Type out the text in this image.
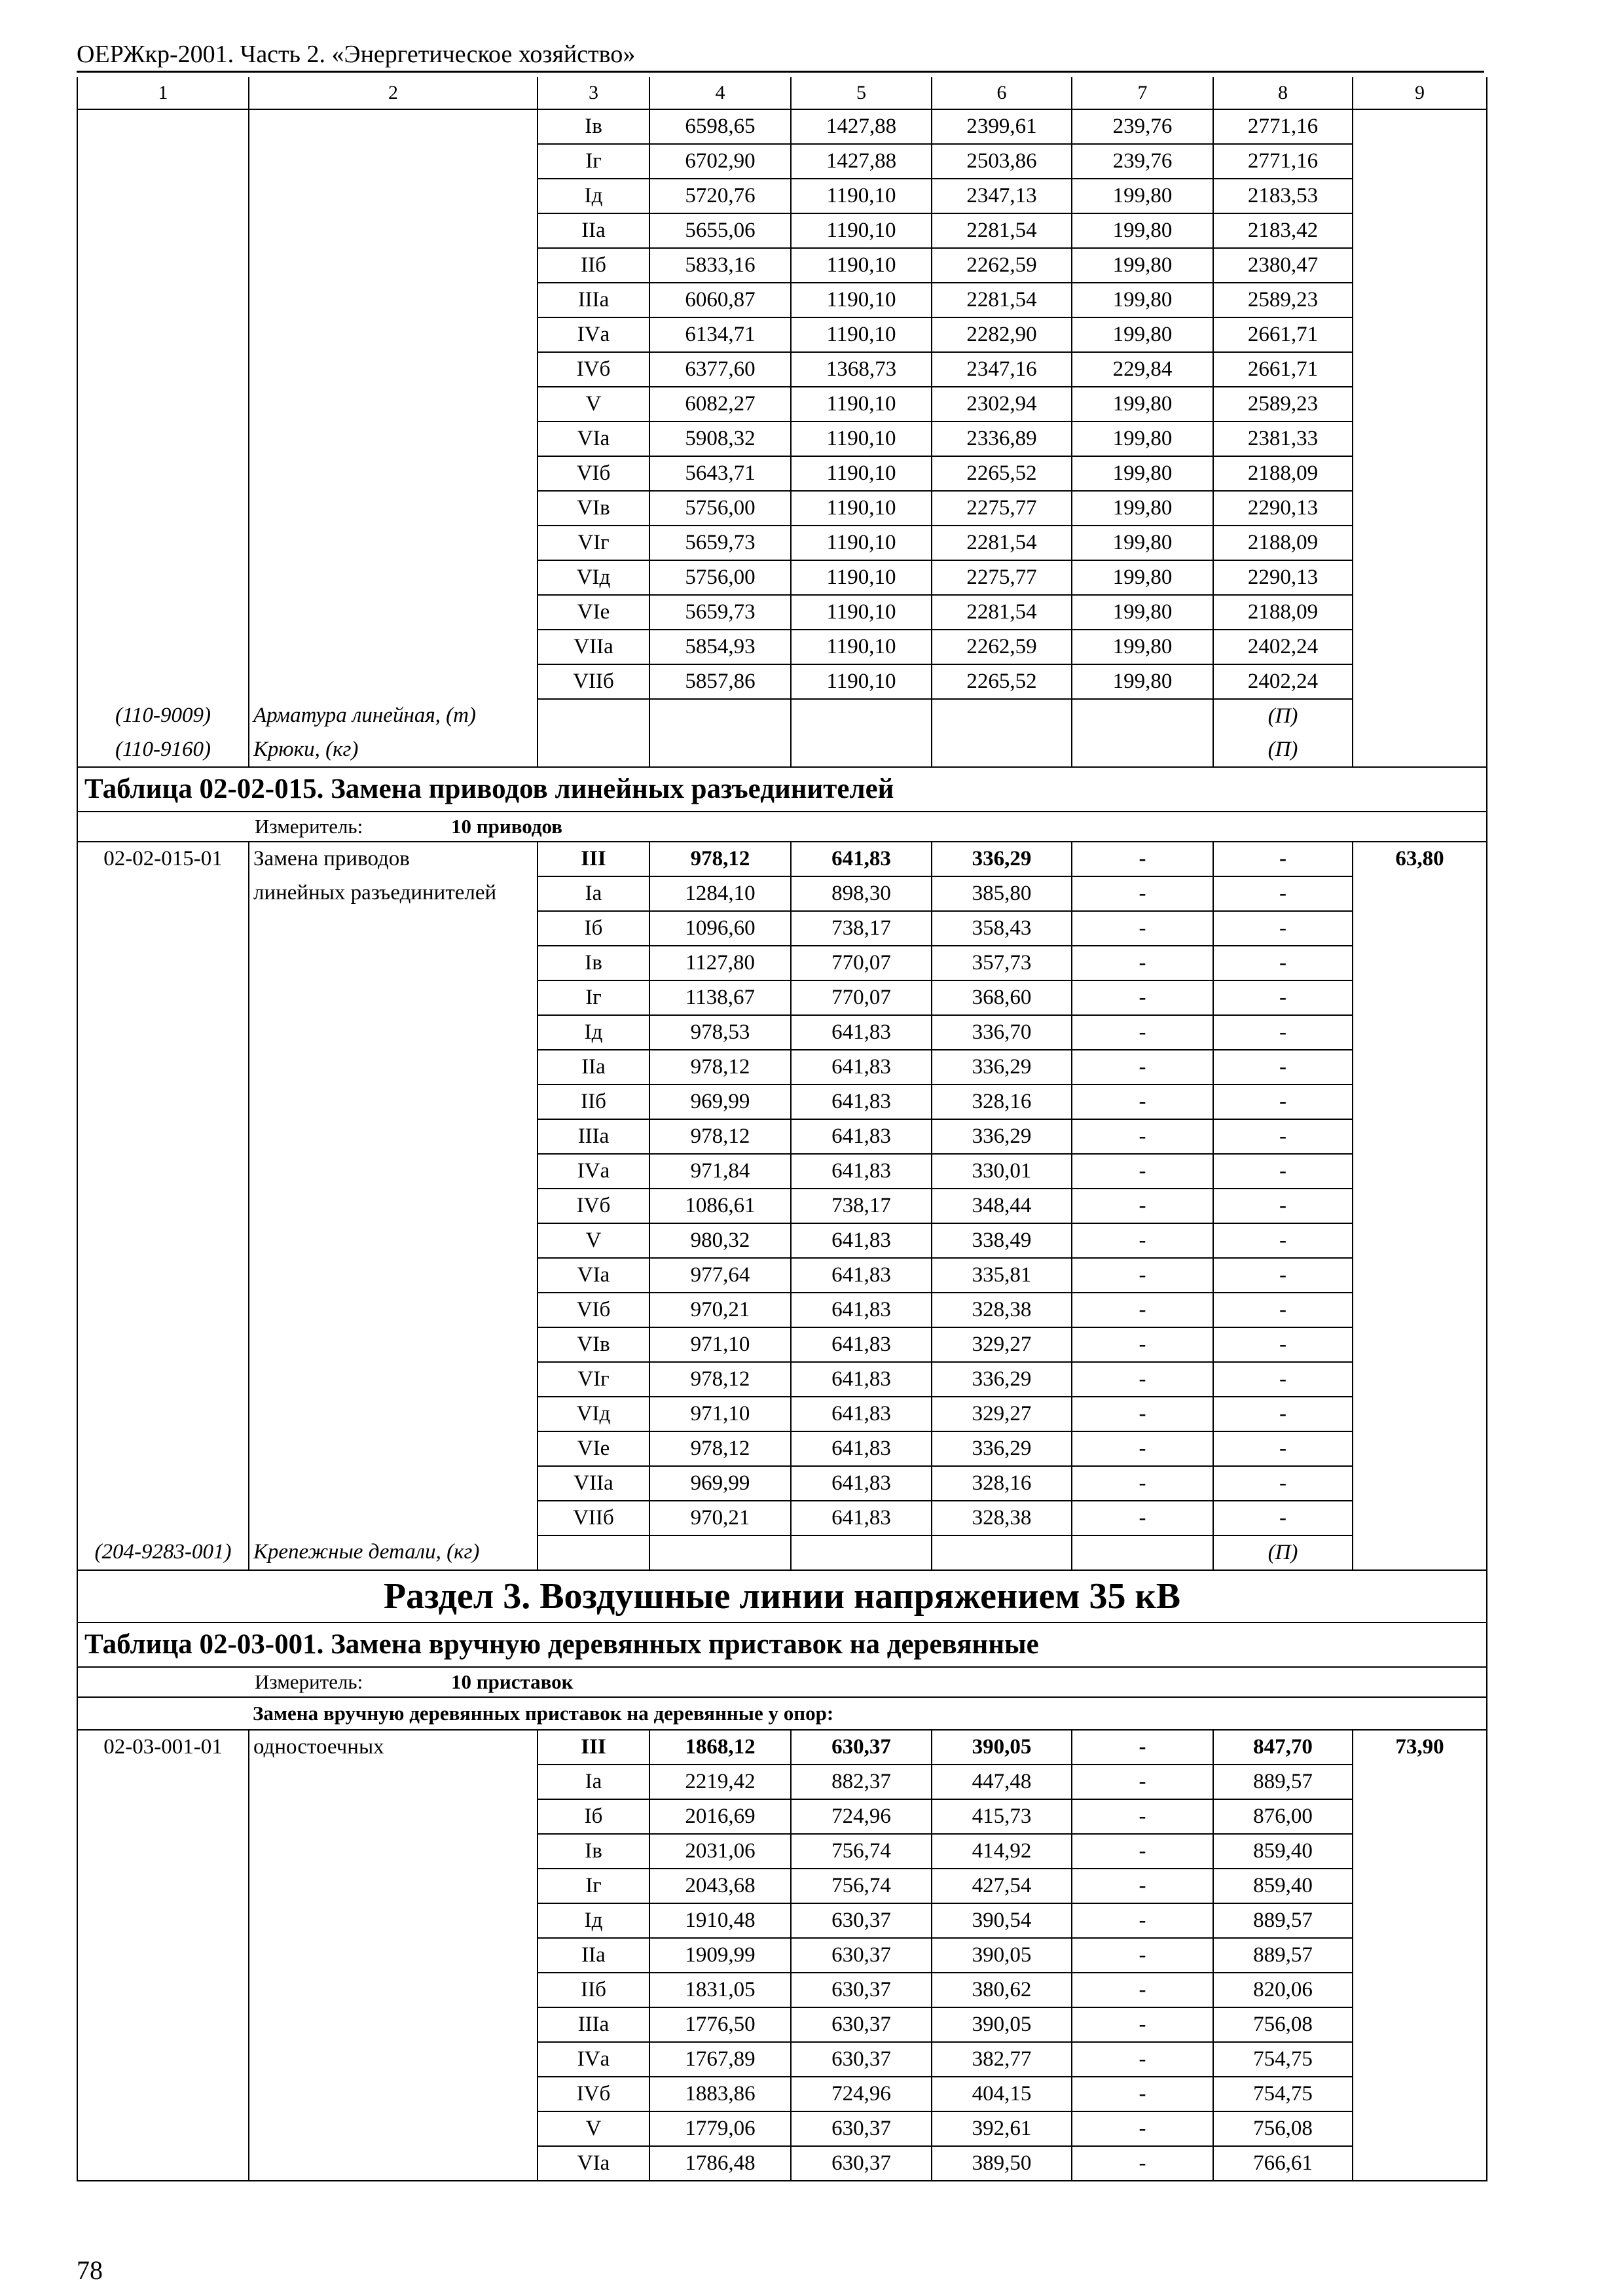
ОЕРЖкр-2001. Часть 2. «Энергетическое хозяйство»
1	2	3	4	5	6	7	8	9
		Iв	6598,65	1427,88	2399,61	239,76	2771,16	
		Iг	6702,90	1427,88	2503,86	239,76	2771,16	
		Iд	5720,76	1190,10	2347,13	199,80	2183,53	
		IIа	5655,06	1190,10	2281,54	199,80	2183,42	
		IIб	5833,16	1190,10	2262,59	199,80	2380,47	
		IIIа	6060,87	1190,10	2281,54	199,80	2589,23	
		IVа	6134,71	1190,10	2282,90	199,80	2661,71	
		IVб	6377,60	1368,73	2347,16	229,84	2661,71	
		V	6082,27	1190,10	2302,94	199,80	2589,23	
		VIа	5908,32	1190,10	2336,89	199,80	2381,33	
		VIб	5643,71	1190,10	2265,52	199,80	2188,09	
		VIв	5756,00	1190,10	2275,77	199,80	2290,13	
		VIг	5659,73	1190,10	2281,54	199,80	2188,09	
		VIд	5756,00	1190,10	2275,77	199,80	2290,13	
		VIе	5659,73	1190,10	2281,54	199,80	2188,09	
		VIIа	5854,93	1190,10	2262,59	199,80	2402,24	
		VIIб	5857,86	1190,10	2265,52	199,80	2402,24	
(110-9009)	Арматура линейная, (т)						(П)	
(110-9160)	Крюки, (кг)						(П)	
Таблица 02-02-015. Замена приводов линейных разъединителей								
Измеритель: 10 приводов								
02-02-015-01	Замена приводов	III	978,12	641,83	336,29	-	-	63,80
	линейных разъединителей	Iа	1284,10	898,30	385,80	-	-	
		Iб	1096,60	738,17	358,43	-	-	
		Iв	1127,80	770,07	357,73	-	-	
		Iг	1138,67	770,07	368,60	-	-	
		Iд	978,53	641,83	336,70	-	-	
		IIа	978,12	641,83	336,29	-	-	
		IIб	969,99	641,83	328,16	-	-	
		IIIа	978,12	641,83	336,29	-	-	
		IVа	971,84	641,83	330,01	-	-	
		IVб	1086,61	738,17	348,44	-	-	
		V	980,32	641,83	338,49	-	-	
		VIа	977,64	641,83	335,81	-	-	
		VIб	970,21	641,83	328,38	-	-	
		VIв	971,10	641,83	329,27	-	-	
		VIг	978,12	641,83	336,29	-	-	
		VIд	971,10	641,83	329,27	-	-	
		VIе	978,12	641,83	336,29	-	-	
		VIIа	969,99	641,83	328,16	-	-	
		VIIб	970,21	641,83	328,38	-	-	
(204-9283-001)	Крепежные детали, (кг)						(П)	
Раздел 3. Воздушные линии напряжением 35 кВ								
Таблица 02-03-001. Замена вручную деревянных приставок на деревянные								
Измеритель: 10 приставок								
	Замена вручную деревянных приставок на деревянные у опор:							
02-03-001-01	одностоечных	III	1868,12	630,37	390,05	-	847,70	73,90
		Iа	2219,42	882,37	447,48	-	889,57	
		Iб	2016,69	724,96	415,73	-	876,00	
		Iв	2031,06	756,74	414,92	-	859,40	
		Iг	2043,68	756,74	427,54	-	859,40	
		Iд	1910,48	630,37	390,54	-	889,57	
		IIа	1909,99	630,37	390,05	-	889,57	
		IIб	1831,05	630,37	380,62	-	820,06	
		IIIа	1776,50	630,37	390,05	-	756,08	
		IVа	1767,89	630,37	382,77	-	754,75	
		IVб	1883,86	724,96	404,15	-	754,75	
		V	1779,06	630,37	392,61	-	756,08	
		VIа	1786,48	630,37	389,50	-	766,61	
78
